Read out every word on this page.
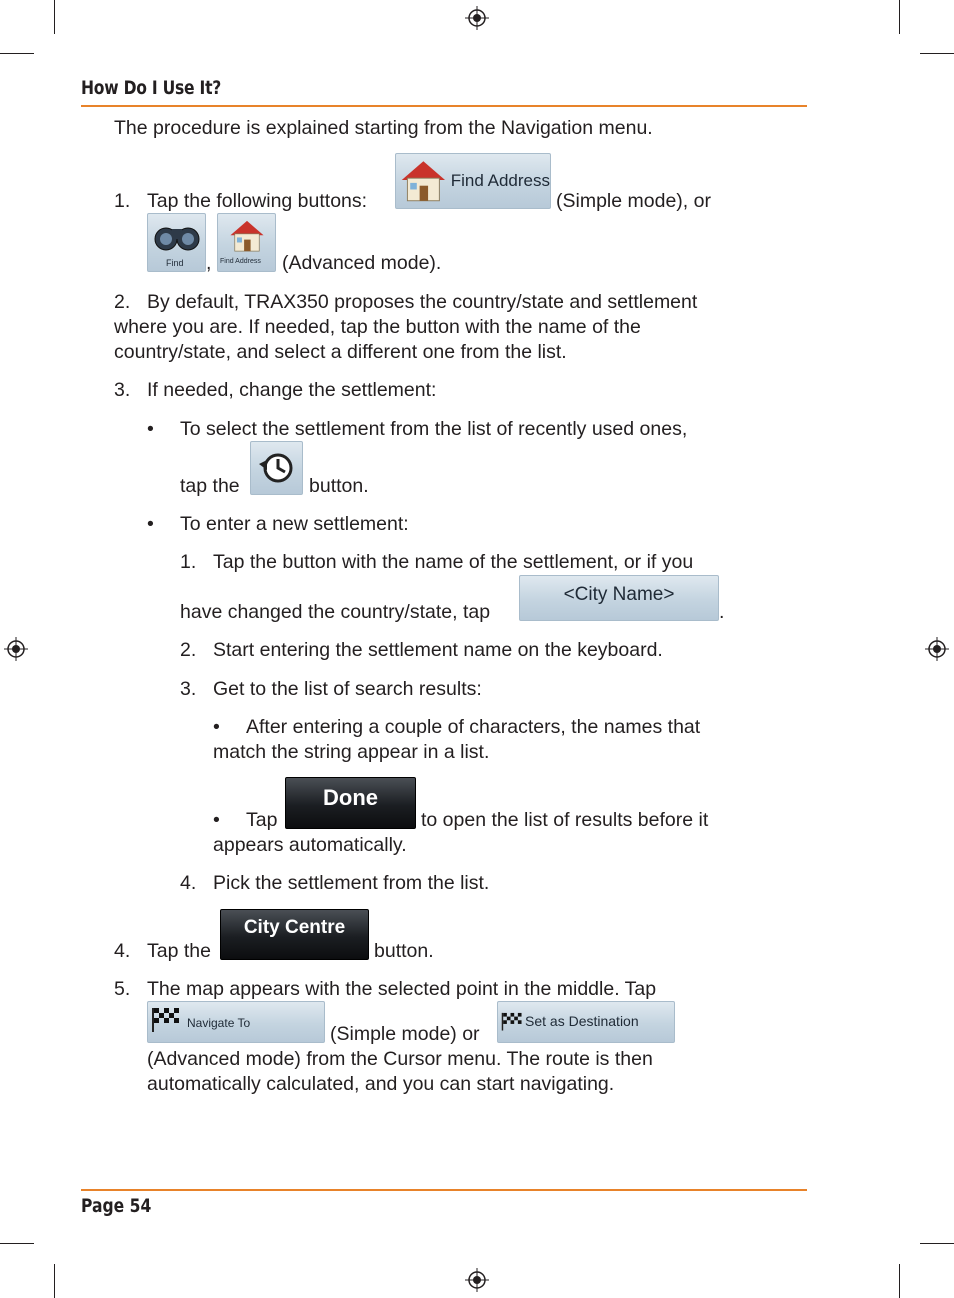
How Do I Use It?
The procedure is explained starting from the Navigation menu.
1. Tap the following buttons:
Find Address
(Simple mode), or
Find , Find Address (Advanced mode).
2. By default, TRAX350 proposes the country/state and settlement
where you are. If needed, tap the button with the name of the
country/state, and select a different one from the list.
3. If needed, change the settlement:
• To select the settlement from the list of recently used ones,
tap the	button.
• To enter a new settlement:
1. Tap the button with the name of the settlement, or if you
have changed the country/state, tap
<City Name>
.
2. Start entering the settlement name on the keyboard.
3. Get to the list of search results:
• After entering a couple of characters, the names that
match the string appear in a list.
• Tap
Done
to open the list of results before it
appears automatically.
4. Pick the settlement from the list.
4. Tap the
City Centre
button.
5. The map appears with the selected point in the middle. Tap
Navigate To	(Simple mode) or
Set as Destination
(Advanced mode) from the Cursor menu. The route is then
automatically calculated, and you can start navigating.
Page 54
